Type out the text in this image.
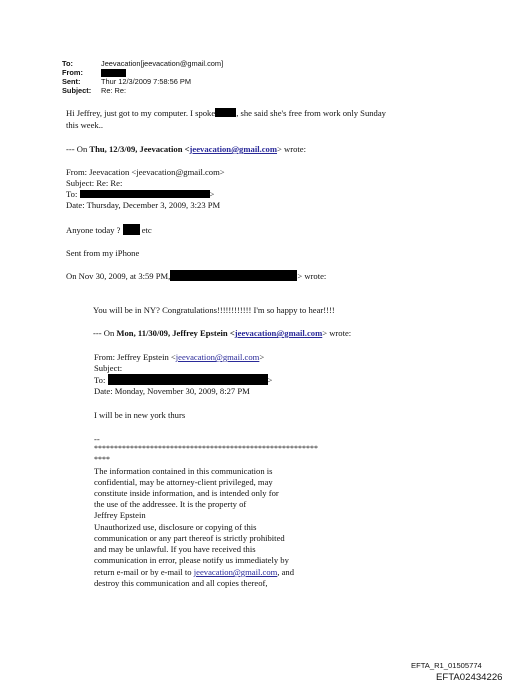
To:	Jeevacation[jeevacation@gmail.com]
From:
Sent:	Thur 12/3/2009 7:58:56 PM
Subject: Re: Re:
Hi Jeffrey, just got to my computer. I spoke , she said she's free from work only Sunday
this week..
--- On Thu, 12/3/09, Jeevacation <jeevacation@gmail.com> wrote:
From: Jeevacation <jeevacation@gmail.com>
Subject: Re: Re:
To:	>
Date: Thursday, December 3, 2009, 3:23 PM
Anyone today ? etc
Sent from my iPhone
On Nov 30, 2009, at 3:59 PM,	> wrote:
You will be in NY? Congratulations!!!!!!!!!!!! I'm so happy to hear!!!!
--- On Mon, 11/30/09, Jeffrey Epstein <jeevacation@gmail.com> wrote:
From: Jeffrey Epstein <jeevacation@gmail.com>
Subject:
To:	>
Date: Monday, November 30, 2009, 8:27 PM
I will be in new york thurs
--
********************************************************
****
The information contained in this communication is
confidential, may be attorney-client privileged, may
constitute inside information, and is intended only for
the use of the addressee. It is the property of
Jeffrey Epstein
Unauthorized use, disclosure or copying of this
communication or any part thereof is strictly prohibited
and may be unlawful. If you have received this
communication in error, please notify us immediately by
return e-mail or by e-mail to jeevacation@gmail.com, and
destroy this communication and all copies thereof,
EFTA_R1_01505774
EFTA02434226
